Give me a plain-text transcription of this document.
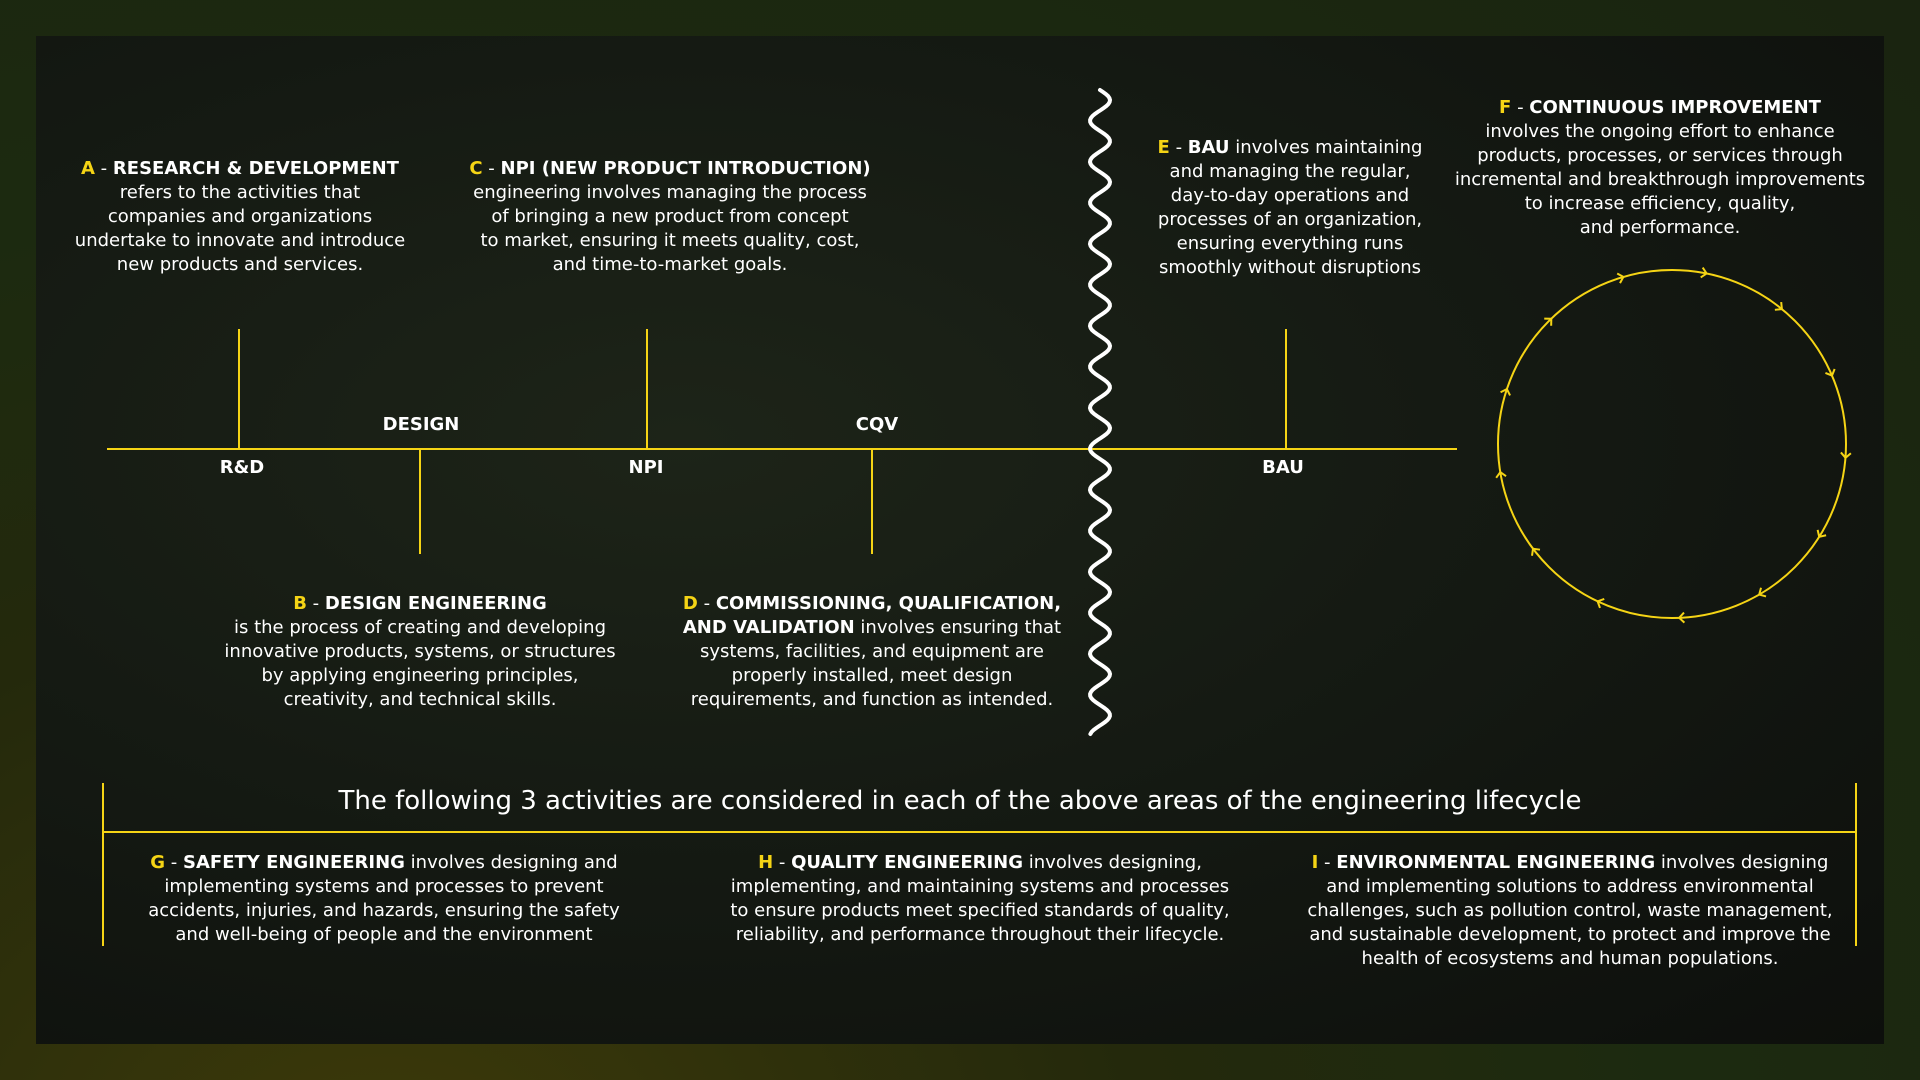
R&D
DESIGN
NPI
CQV
BAU
A - RESEARCH & DEVELOPMENT
refers to the activities that
companies and organizations
undertake to innovate and introduce
new products and services.
C - NPI (NEW PRODUCT INTRODUCTION)
engineering involves managing the process
of bringing a new product from concept
to market, ensuring it meets quality, cost,
and time-to-market goals.
B - DESIGN ENGINEERING
is the process of creating and developing
innovative products, systems, or structures
by applying engineering principles,
creativity, and technical skills.
D - COMMISSIONING, QUALIFICATION,
AND VALIDATION involves ensuring that
systems, facilities, and equipment are
properly installed, meet design
requirements, and function as intended.
E - BAU involves maintaining
and managing the regular,
day-to-day operations and
processes of an organization,
ensuring everything runs
smoothly without disruptions
F - CONTINUOUS IMPROVEMENT
involves the ongoing effort to enhance
products, processes, or services through
incremental and breakthrough improvements
to increase efficiency, quality,
and performance.
The following 3 activities are considered in each of the above areas of the engineering lifecycle
G - SAFETY ENGINEERING involves designing and
implementing systems and processes to prevent
accidents, injuries, and hazards, ensuring the safety
and well-being of people and the environment
H - QUALITY ENGINEERING involves designing,
implementing, and maintaining systems and processes
to ensure products meet specified standards of quality,
reliability, and performance throughout their lifecycle.
I - ENVIRONMENTAL ENGINEERING involves designing
and implementing solutions to address environmental
challenges, such as pollution control, waste management,
and sustainable development, to protect and improve the
health of ecosystems and human populations.
